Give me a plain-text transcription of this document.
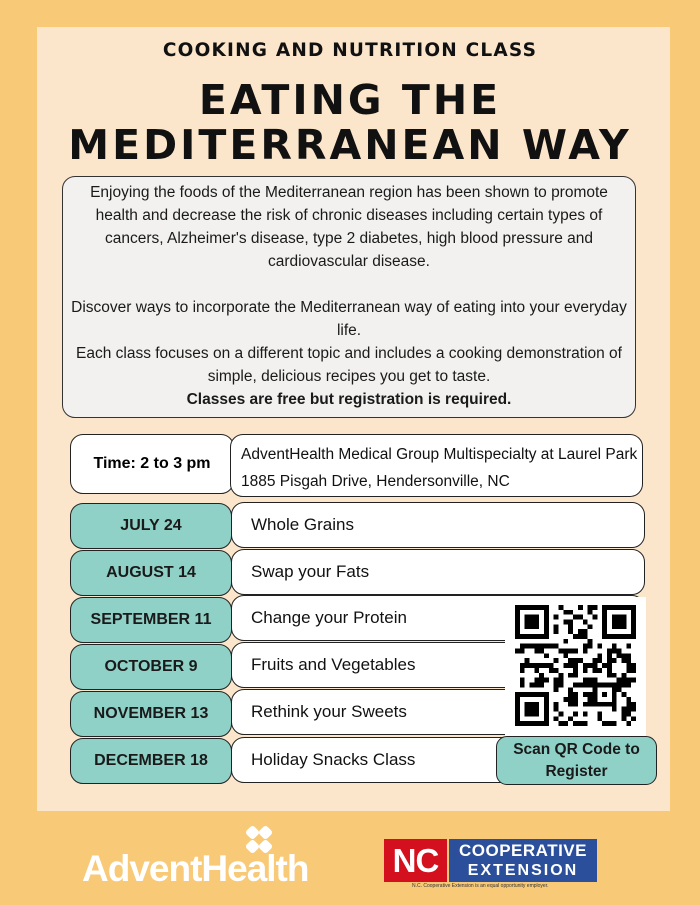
COOKING AND NUTRITION CLASS
EATING THE
MEDITERRANEAN WAY

Enjoying the foods of the Mediterranean region has been shown to promote health and decrease the risk of chronic diseases including certain types of cancers, Alzheimer's disease, type 2 diabetes, high blood pressure and cardiovascular disease.

Discover ways to incorporate the Mediterranean way of eating into your everyday life.

Each class focuses on a different topic and includes a cooking demonstration of simple, delicious recipes you get to taste.

Classes are free but registration is required.

Time: 2 to 3 pm
AdventHealth Medical Group Multispecialty at Laurel Park
1885 Pisgah Drive, Hendersonville, NC
Whole Grains
JULY 24
Swap your Fats
AUGUST 14
Change your Protein
SEPTEMBER 11
Fruits and Vegetables
OCTOBER 9
Rethink your Sweets
NOVEMBER 13
Holiday Snacks Class
DECEMBER 18
Scan QR Code to Register
AdventHealth	NC	COOPERATIVE
EXTENSION
N.C. Cooperative Extension is an equal opportunity employer.
